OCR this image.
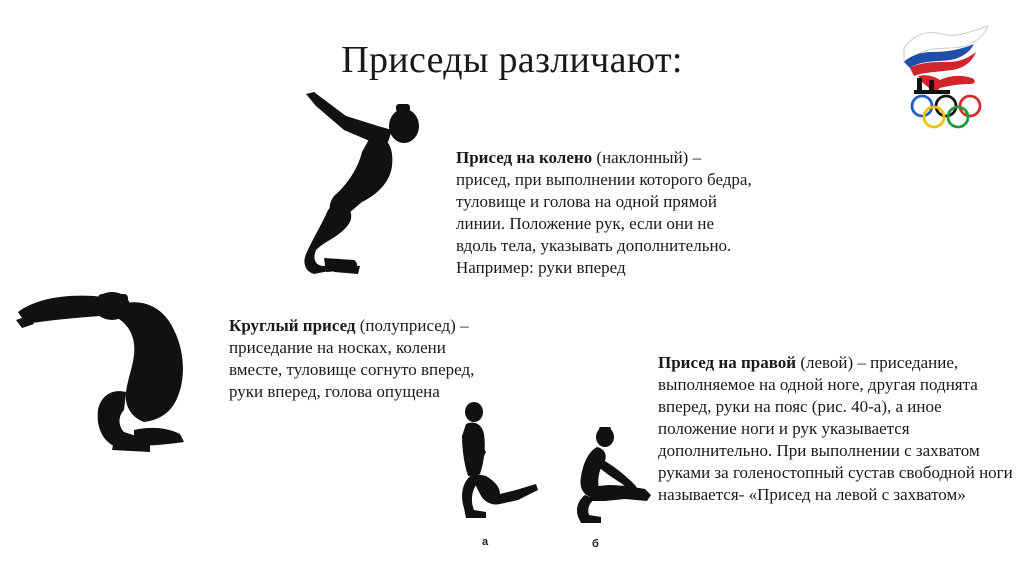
Приседы различают:
а	б
Присед на колено (наклонный) – присед, при выполнении которого бедра, туловище и голова на одной прямой линии. Положение рук, если они не вдоль тела, указывать дополнительно. Например: руки вперед
Круглый присед (полуприсед) – приседание на носках, колени вместе, туловище согнуто вперед, руки вперед, голова опущена
Присед на правой (левой) – приседание, выполняемое на одной ноге, другая поднята вперед, руки на пояс (рис. 40-а), а иное положение ноги и рук указывается дополнительно. При выполнении с захватом руками за голеностопный сустав свободной ноги называется- «Присед на левой с захватом»
